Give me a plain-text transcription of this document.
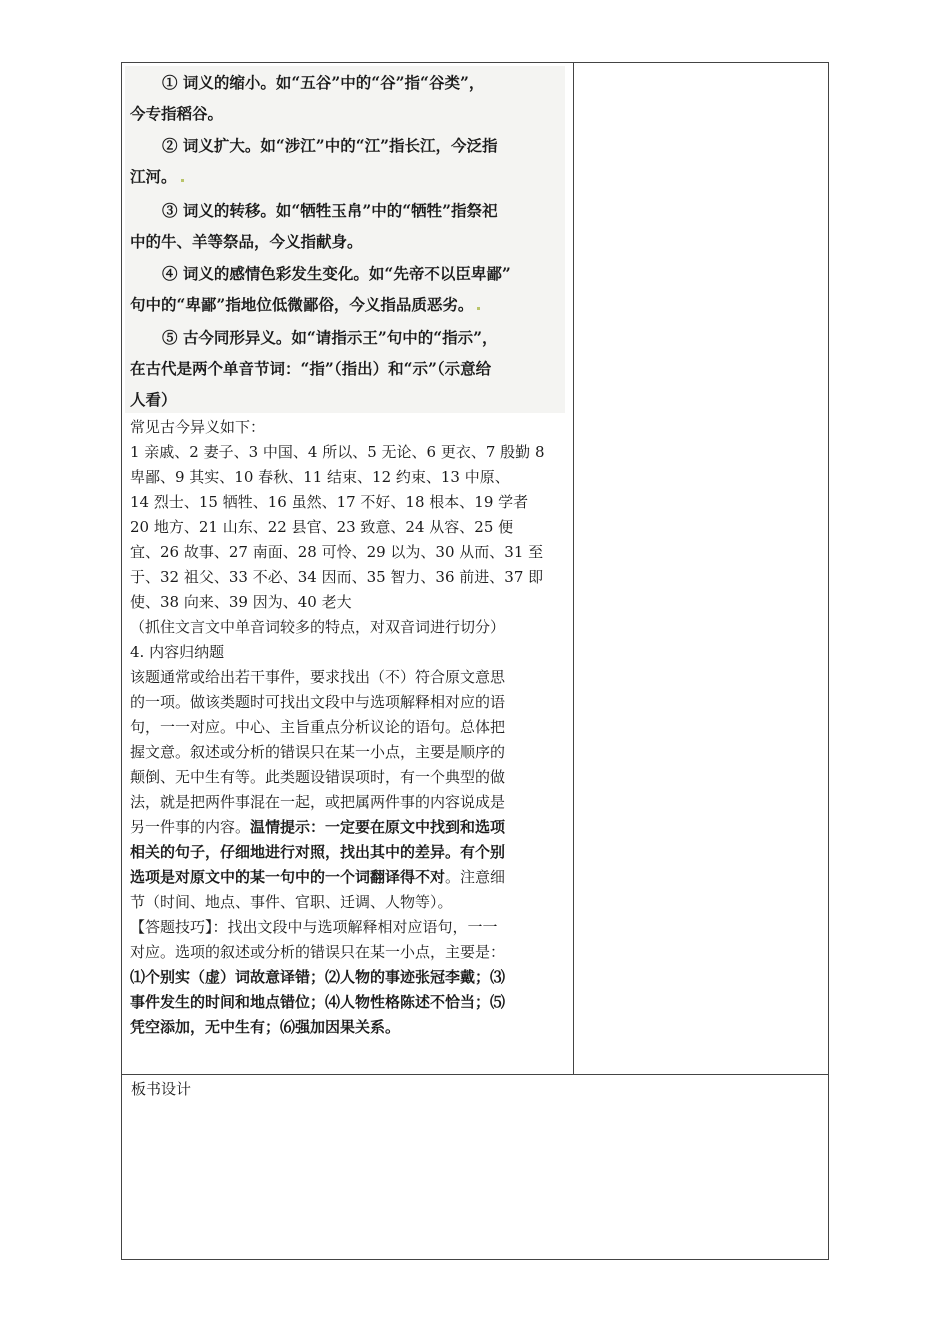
① 词义的缩小。如“五谷”中的“谷”指“谷类”，
今专指稻谷。

② 词义扩大。如“涉江”中的“江”指长江，今泛指
江河。

③ 词义的转移。如“牺牲玉帛”中的“牺牲”指祭祀
中的牛、羊等祭品，今义指献身。

④ 词义的感情色彩发生变化。如“先帝不以臣卑鄙”
句中的“卑鄙”指地位低微鄙俗，今义指品质恶劣。

⑤ 古今同形异义。如“请指示王”句中的“指示”，
在古代是两个单音节词：“指”（指出）和“示”（示意给
人看）

常见古今异义如下：
1 亲戚、2 妻子、3 中国、4 所以、5 无论、6 更衣、7 殷勤 8
卑鄙、9 其实、10 春秋、11 结束、12 约束、13 中原、
14 烈士、15 牺牲、16 虽然、17 不好、18 根本、19 学者
20 地方、21 山东、22 县官、23 致意、24 从容、25 便
宜、26 故事、27 南面、28 可怜、29 以为、30 从而、31 至
于、32 祖父、33 不必、34 因而、35 智力、36 前进、37 即
使、38 向来、39 因为、40 老大
（抓住文言文中单音词较多的特点，对双音词进行切分）
4. 内容归纳题
该题通常或给出若干事件，要求找出（不）符合原文意思
的一项。做该类题时可找出文段中与选项解释相对应的语
句，一一对应。中心、主旨重点分析议论的语句。总体把
握文意。叙述或分析的错误只在某一小点，主要是顺序的
颠倒、无中生有等。此类题设错误项时，有一个典型的做
法，就是把两件事混在一起，或把属两件事的内容说成是
另一件事的内容。温情提示：一定要在原文中找到和选项
相关的句子，仔细地进行对照，找出其中的差异。有个别
选项是对原文中的某一句中的一个词翻译得不对。注意细
节（时间、地点、事件、官职、迁调、人物等）。
【答题技巧】：找出文段中与选项解释相对应语句，一一
对应。选项的叙述或分析的错误只在某一小点，主要是：
⑴个别实（虚）词故意译错；⑵人物的事迹张冠李戴；⑶
事件发生的时间和地点错位；⑷人物性格陈述不恰当；⑸
凭空添加，无中生有；⑹强加因果关系。
板书设计
